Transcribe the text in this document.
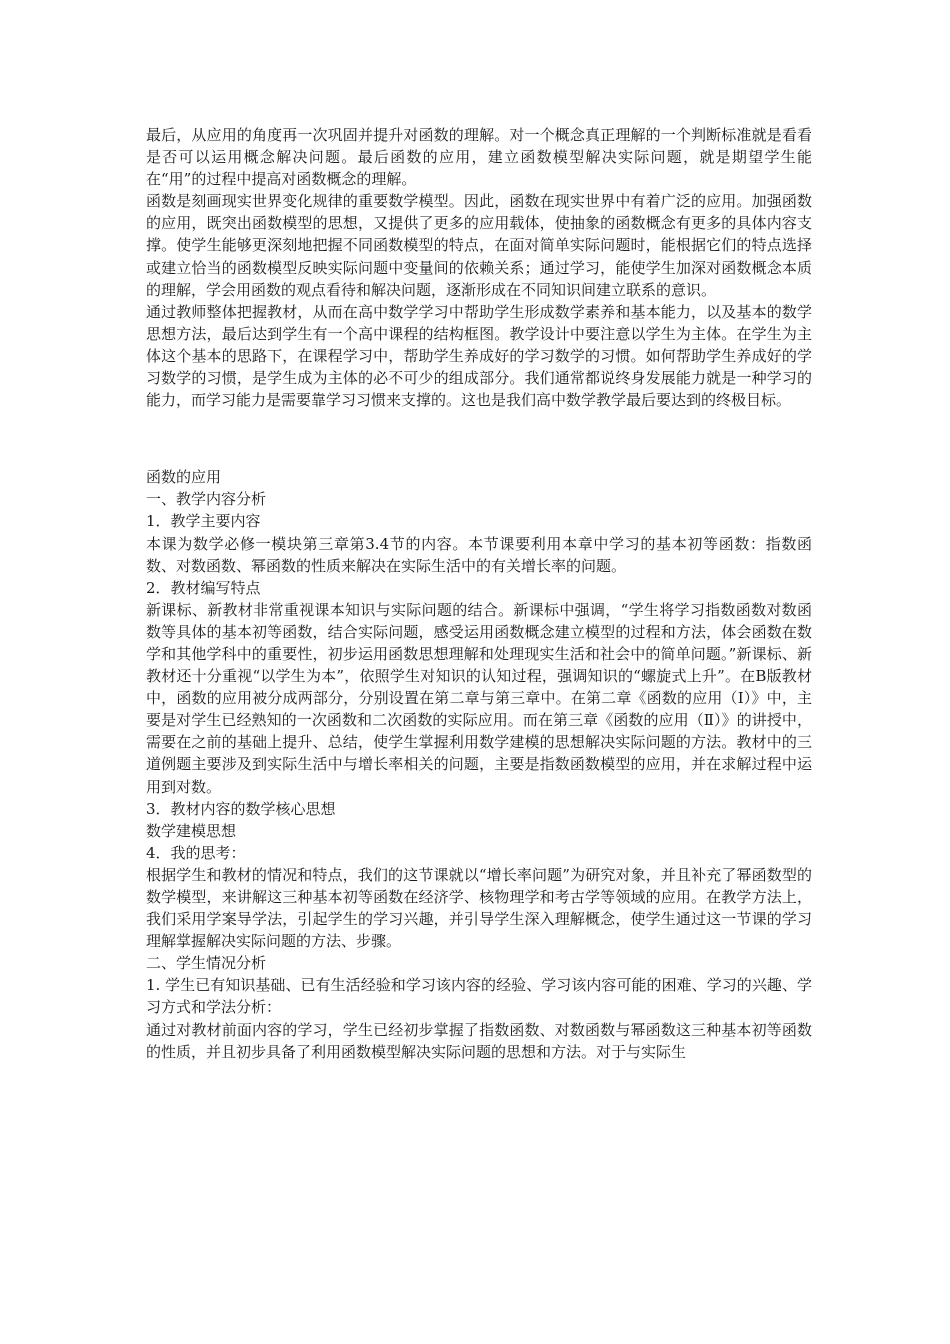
最后，从应用的角度再一次巩固并提升对函数的理解。对一个概念真正理解的一个判断标准就是看看是否可以运用概念解决问题。最后函数的应用，建立函数模型解决实际问题，就是期望学生能在“用”的过程中提高对函数概念的理解。

函数是刻画现实世界变化规律的重要数学模型。因此，函数在现实世界中有着广泛的应用。加强函数的应用，既突出函数模型的思想，又提供了更多的应用载体，使抽象的函数概念有更多的具体内容支撑。使学生能够更深刻地把握不同函数模型的特点，在面对简单实际问题时，能根据它们的特点选择或建立恰当的函数模型反映实际问题中变量间的依赖关系；通过学习，能使学生加深对函数概念本质的理解，学会用函数的观点看待和解决问题，逐渐形成在不同知识间建立联系的意识。

通过教师整体把握教材，从而在高中数学学习中帮助学生形成数学素养和基本能力，以及基本的数学思想方法，最后达到学生有一个高中课程的结构框图。教学设计中要注意以学生为主体。在学生为主体这个基本的思路下，在课程学习中，帮助学生养成好的学习数学的习惯。如何帮助学生养成好的学习数学的习惯，是学生成为主体的必不可少的组成部分。我们通常都说终身发展能力就是一种学习的能力，而学习能力是需要靠学习习惯来支撑的。这也是我们高中数学教学最后要达到的终极目标。

函数的应用

一、教学内容分析

1．教学主要内容

本课为数学必修一模块第三章第3.4节的内容。本节课要利用本章中学习的基本初等函数：指数函数、对数函数、幂函数的性质来解决在实际生活中的有关增长率的问题。

2．教材编写特点

新课标、新教材非常重视课本知识与实际问题的结合。新课标中强调，“学生将学习指数函数对数函数等具体的基本初等函数，结合实际问题，感受运用函数概念建立模型的过程和方法，体会函数在数学和其他学科中的重要性，初步运用函数思想理解和处理现实生活和社会中的简单问题。”新课标、新教材还十分重视“以学生为本”，依照学生对知识的认知过程，强调知识的“螺旋式上升”。在B版教材中，函数的应用被分成两部分，分别设置在第二章与第三章中。在第二章《函数的应用（Ⅰ）》中，主要是对学生已经熟知的一次函数和二次函数的实际应用。而在第三章《函数的应用（Ⅱ）》的讲授中，需要在之前的基础上提升、总结，使学生掌握利用数学建模的思想解决实际问题的方法。教材中的三道例题主要涉及到实际生活中与增长率相关的问题，主要是指数函数模型的应用，并在求解过程中运用到对数。

3．教材内容的数学核心思想

数学建模思想

4．我的思考：

根据学生和教材的情况和特点，我们的这节课就以“增长率问题”为研究对象，并且补充了幂函数型的数学模型，来讲解这三种基本初等函数在经济学、核物理学和考古学等领域的应用。在教学方法上，我们采用学案导学法，引起学生的学习兴趣，并引导学生深入理解概念，使学生通过这一节课的学习理解掌握解决实际问题的方法、步骤。

二、学生情况分析

1. 学生已有知识基础、已有生活经验和学习该内容的经验、学习该内容可能的困难、学习的兴趣、学习方式和学法分析：

通过对教材前面内容的学习，学生已经初步掌握了指数函数、对数函数与幂函数这三种基本初等函数的性质，并且初步具备了利用函数模型解决实际问题的思想和方法。对于与实际生
